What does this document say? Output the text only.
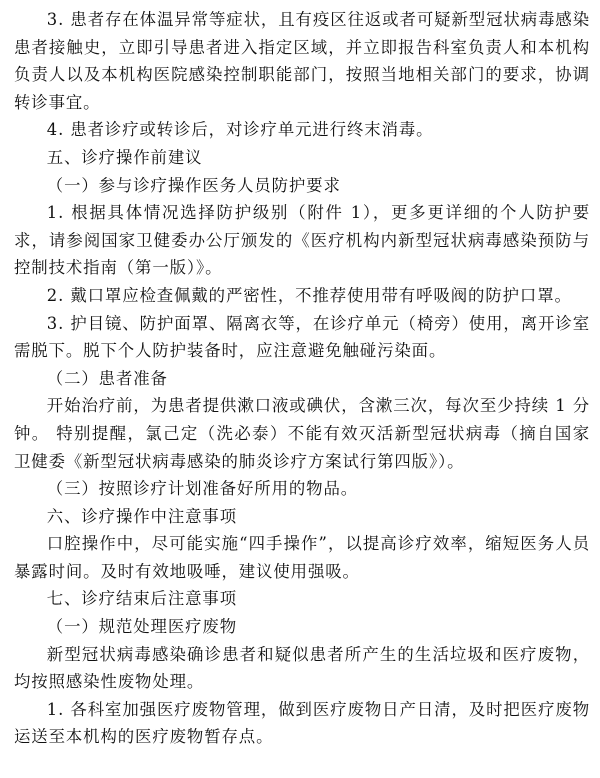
3. 患者存在体温异常等症状，且有疫区往返或者可疑新型冠状病毒感染患者接触史，立即引导患者进入指定区域，并立即报告科室负责人和本机构负责人以及本机构医院感染控制职能部门，按照当地相关部门的要求，协调转诊事宜。

4. 患者诊疗或转诊后，对诊疗单元进行终末消毒。

五、诊疗操作前建议

（一）参与诊疗操作医务人员防护要求

1. 根据具体情况选择防护级别（附件 1），更多更详细的个人防护要求，请参阅国家卫健委办公厅颁发的《医疗机构内新型冠状病毒感染预防与控制技术指南（第一版）》。

2. 戴口罩应检查佩戴的严密性，不推荐使用带有呼吸阀的防护口罩。

3. 护目镜、防护面罩、隔离衣等，在诊疗单元（椅旁）使用，离开诊室需脱下。脱下个人防护装备时，应注意避免触碰污染面。

（二）患者准备

开始治疗前，为患者提供漱口液或碘伏，含漱三次，每次至少持续 1 分钟。 特别提醒，氯己定（洗必泰）不能有效灭活新型冠状病毒（摘自国家卫健委《新型冠状病毒感染的肺炎诊疗方案试行第四版》）。

（三）按照诊疗计划准备好所用的物品。

六、诊疗操作中注意事项

口腔操作中，尽可能实施“四手操作”，以提高诊疗效率，缩短医务人员暴露时间。及时有效地吸唾，建议使用强吸。

七、诊疗结束后注意事项

（一）规范处理医疗废物

新型冠状病毒感染确诊患者和疑似患者所产生的生活垃圾和医疗废物，均按照感染性废物处理。

1. 各科室加强医疗废物管理，做到医疗废物日产日清，及时把医疗废物运送至本机构的医疗废物暂存点。
